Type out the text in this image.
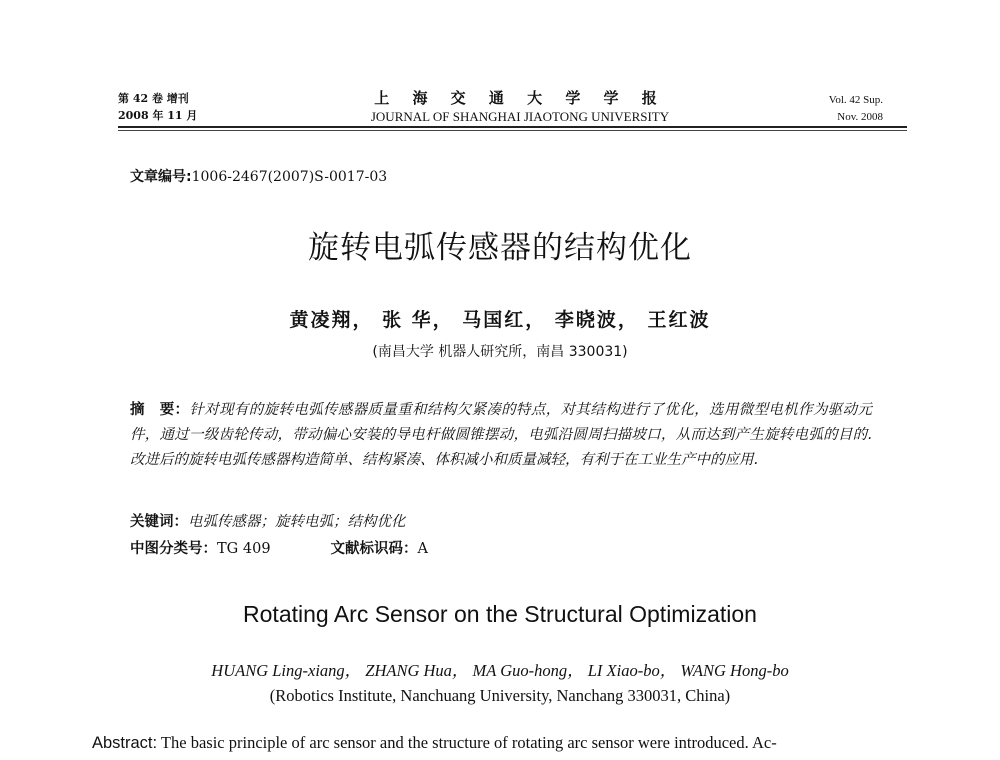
第 42 卷 增刊
2008 年 11 月
上 海 交 通 大 学 学 报
JOURNAL OF SHANGHAI JIAOTONG UNIVERSITY
Vol. 42 Sup.
Nov. 2008
文章编号:1006-2467(2007)S-0017-03
旋转电弧传感器的结构优化
黄凌翔， 张 华， 马国红， 李晓波， 王红波
(南昌大学 机器人研究所，南昌 330031)
摘　要：针对现有的旋转电弧传感器质量重和结构欠紧凑的特点，对其结构进行了优化，选用微型电机作为驱动元件，通过一级齿轮传动，带动偏心安装的导电杆做圆锥摆动，电弧沿圆周扫描坡口，从而达到产生旋转电弧的目的. 改进后的旋转电弧传感器构造简单、结构紧凑、体积减小和质量减轻，有利于在工业生产中的应用.
关键词：电弧传感器；旋转电弧；结构优化
中图分类号：TG 409	文献标识码：A
Rotating Arc Sensor on the Structural Optimization
HUANG Ling-xiang， ZHANG Hua， MA Guo-hong， LI Xiao-bo， WANG Hong-bo
(Robotics Institute, Nanchuang University, Nanchang 330031, China)
Abstract: The basic principle of arc sensor and the structure of rotating arc sensor were introduced. Ac-
